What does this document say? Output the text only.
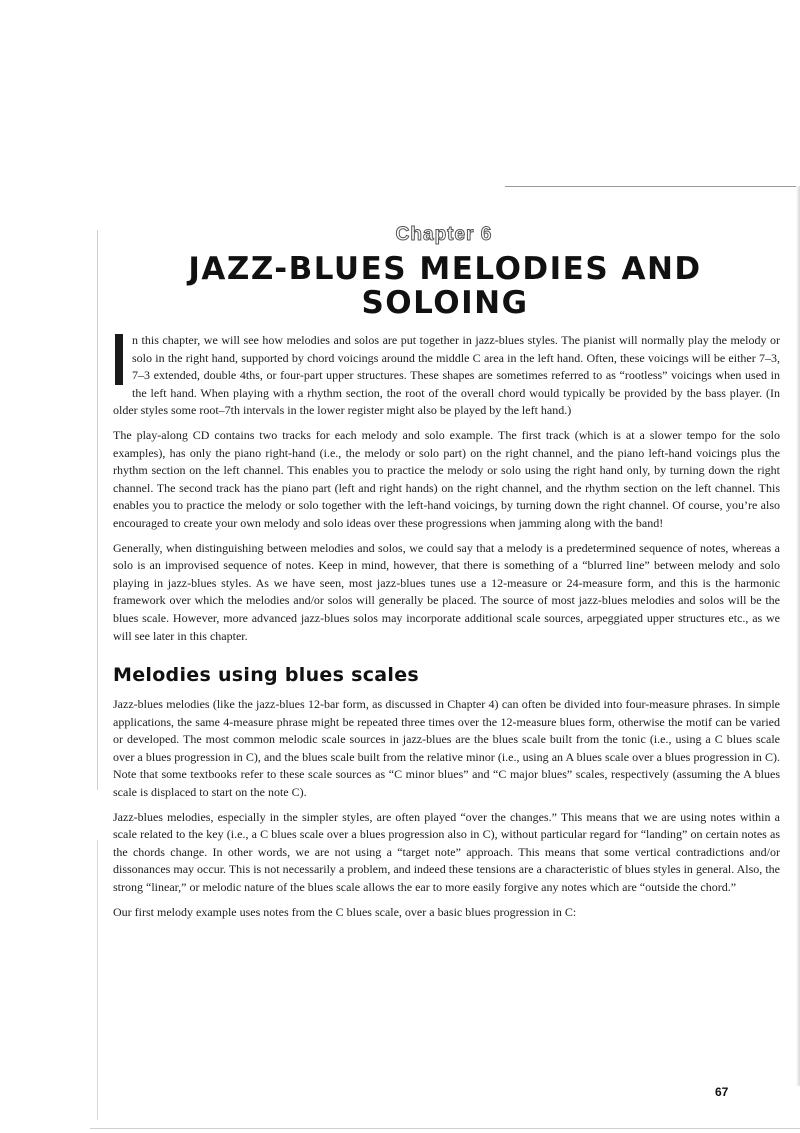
Chapter 6
JAZZ-BLUES MELODIES AND SOLOING

n this chapter, we will see how melodies and solos are put together in jazz-blues styles. The pianist will normally play the melody or solo in the right hand, supported by chord voicings around the middle C area in the left hand. Often, these voicings will be either 7–3, 7–3 extended, double 4ths, or four-part upper structures. These shapes are sometimes referred to as “rootless” voicings when used in the left hand. When playing with a rhythm section, the root of the overall chord would typically be provided by the bass player. (In older styles some root–7th intervals in the lower register might also be played by the left hand.)

The play-along CD contains two tracks for each melody and solo example. The first track (which is at a slower tempo for the solo examples), has only the piano right-hand (i.e., the melody or solo part) on the right channel, and the piano left-hand voicings plus the rhythm section on the left channel. This enables you to practice the melody or solo using the right hand only, by turning down the right channel. The second track has the piano part (left and right hands) on the right channel, and the rhythm section on the left channel. This enables you to practice the melody or solo together with the left-hand voicings, by turning down the right channel. Of course, you’re also encouraged to create your own melody and solo ideas over these progressions when jamming along with the band!

Generally, when distinguishing between melodies and solos, we could say that a melody is a predetermined sequence of notes, whereas a solo is an improvised sequence of notes. Keep in mind, however, that there is something of a “blurred line” between melody and solo playing in jazz-blues styles. As we have seen, most jazz-blues tunes use a 12-measure or 24-measure form, and this is the harmonic framework over which the melodies and/or solos will generally be placed. The source of most jazz-blues melodies and solos will be the blues scale. However, more advanced jazz-blues solos may incorporate additional scale sources, arpeggiated upper structures etc., as we will see later in this chapter.

Melodies using blues scales

Jazz-blues melodies (like the jazz-blues 12-bar form, as discussed in Chapter 4) can often be divided into four-measure phrases. In simple applications, the same 4-measure phrase might be repeated three times over the 12-measure blues form, otherwise the motif can be varied or developed. The most common melodic scale sources in jazz-blues are the blues scale built from the tonic (i.e., using a C blues scale over a blues progression in C), and the blues scale built from the relative minor (i.e., using an A blues scale over a blues progression in C). Note that some textbooks refer to these scale sources as “C minor blues” and “C major blues” scales, respectively (assuming the A blues scale is displaced to start on the note C).

Jazz-blues melodies, especially in the simpler styles, are often played “over the changes.” This means that we are using notes within a scale related to the key (i.e., a C blues scale over a blues progression also in C), without particular regard for “landing” on certain notes as the chords change. In other words, we are not using a “target note” approach. This means that some vertical contradictions and/or dissonances may occur. This is not necessarily a problem, and indeed these tensions are a characteristic of blues styles in general. Also, the strong “linear,” or melodic nature of the blues scale allows the ear to more easily forgive any notes which are “outside the chord.”

Our first melody example uses notes from the C blues scale, over a basic blues progression in C:

67
